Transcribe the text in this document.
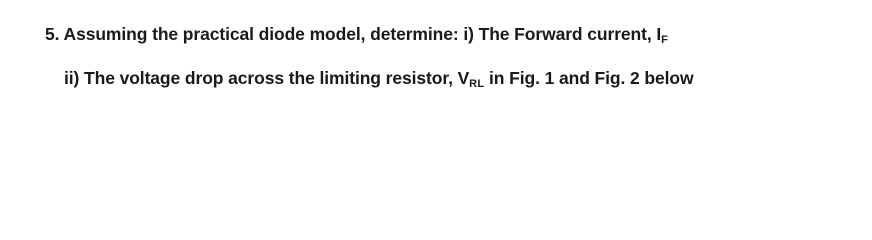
5. Assuming the practical diode model, determine: i) The Forward current, $I_F$
ii) The voltage drop across the limiting resistor, $V_{RL}$ in Fig. 1 and Fig. 2 below
